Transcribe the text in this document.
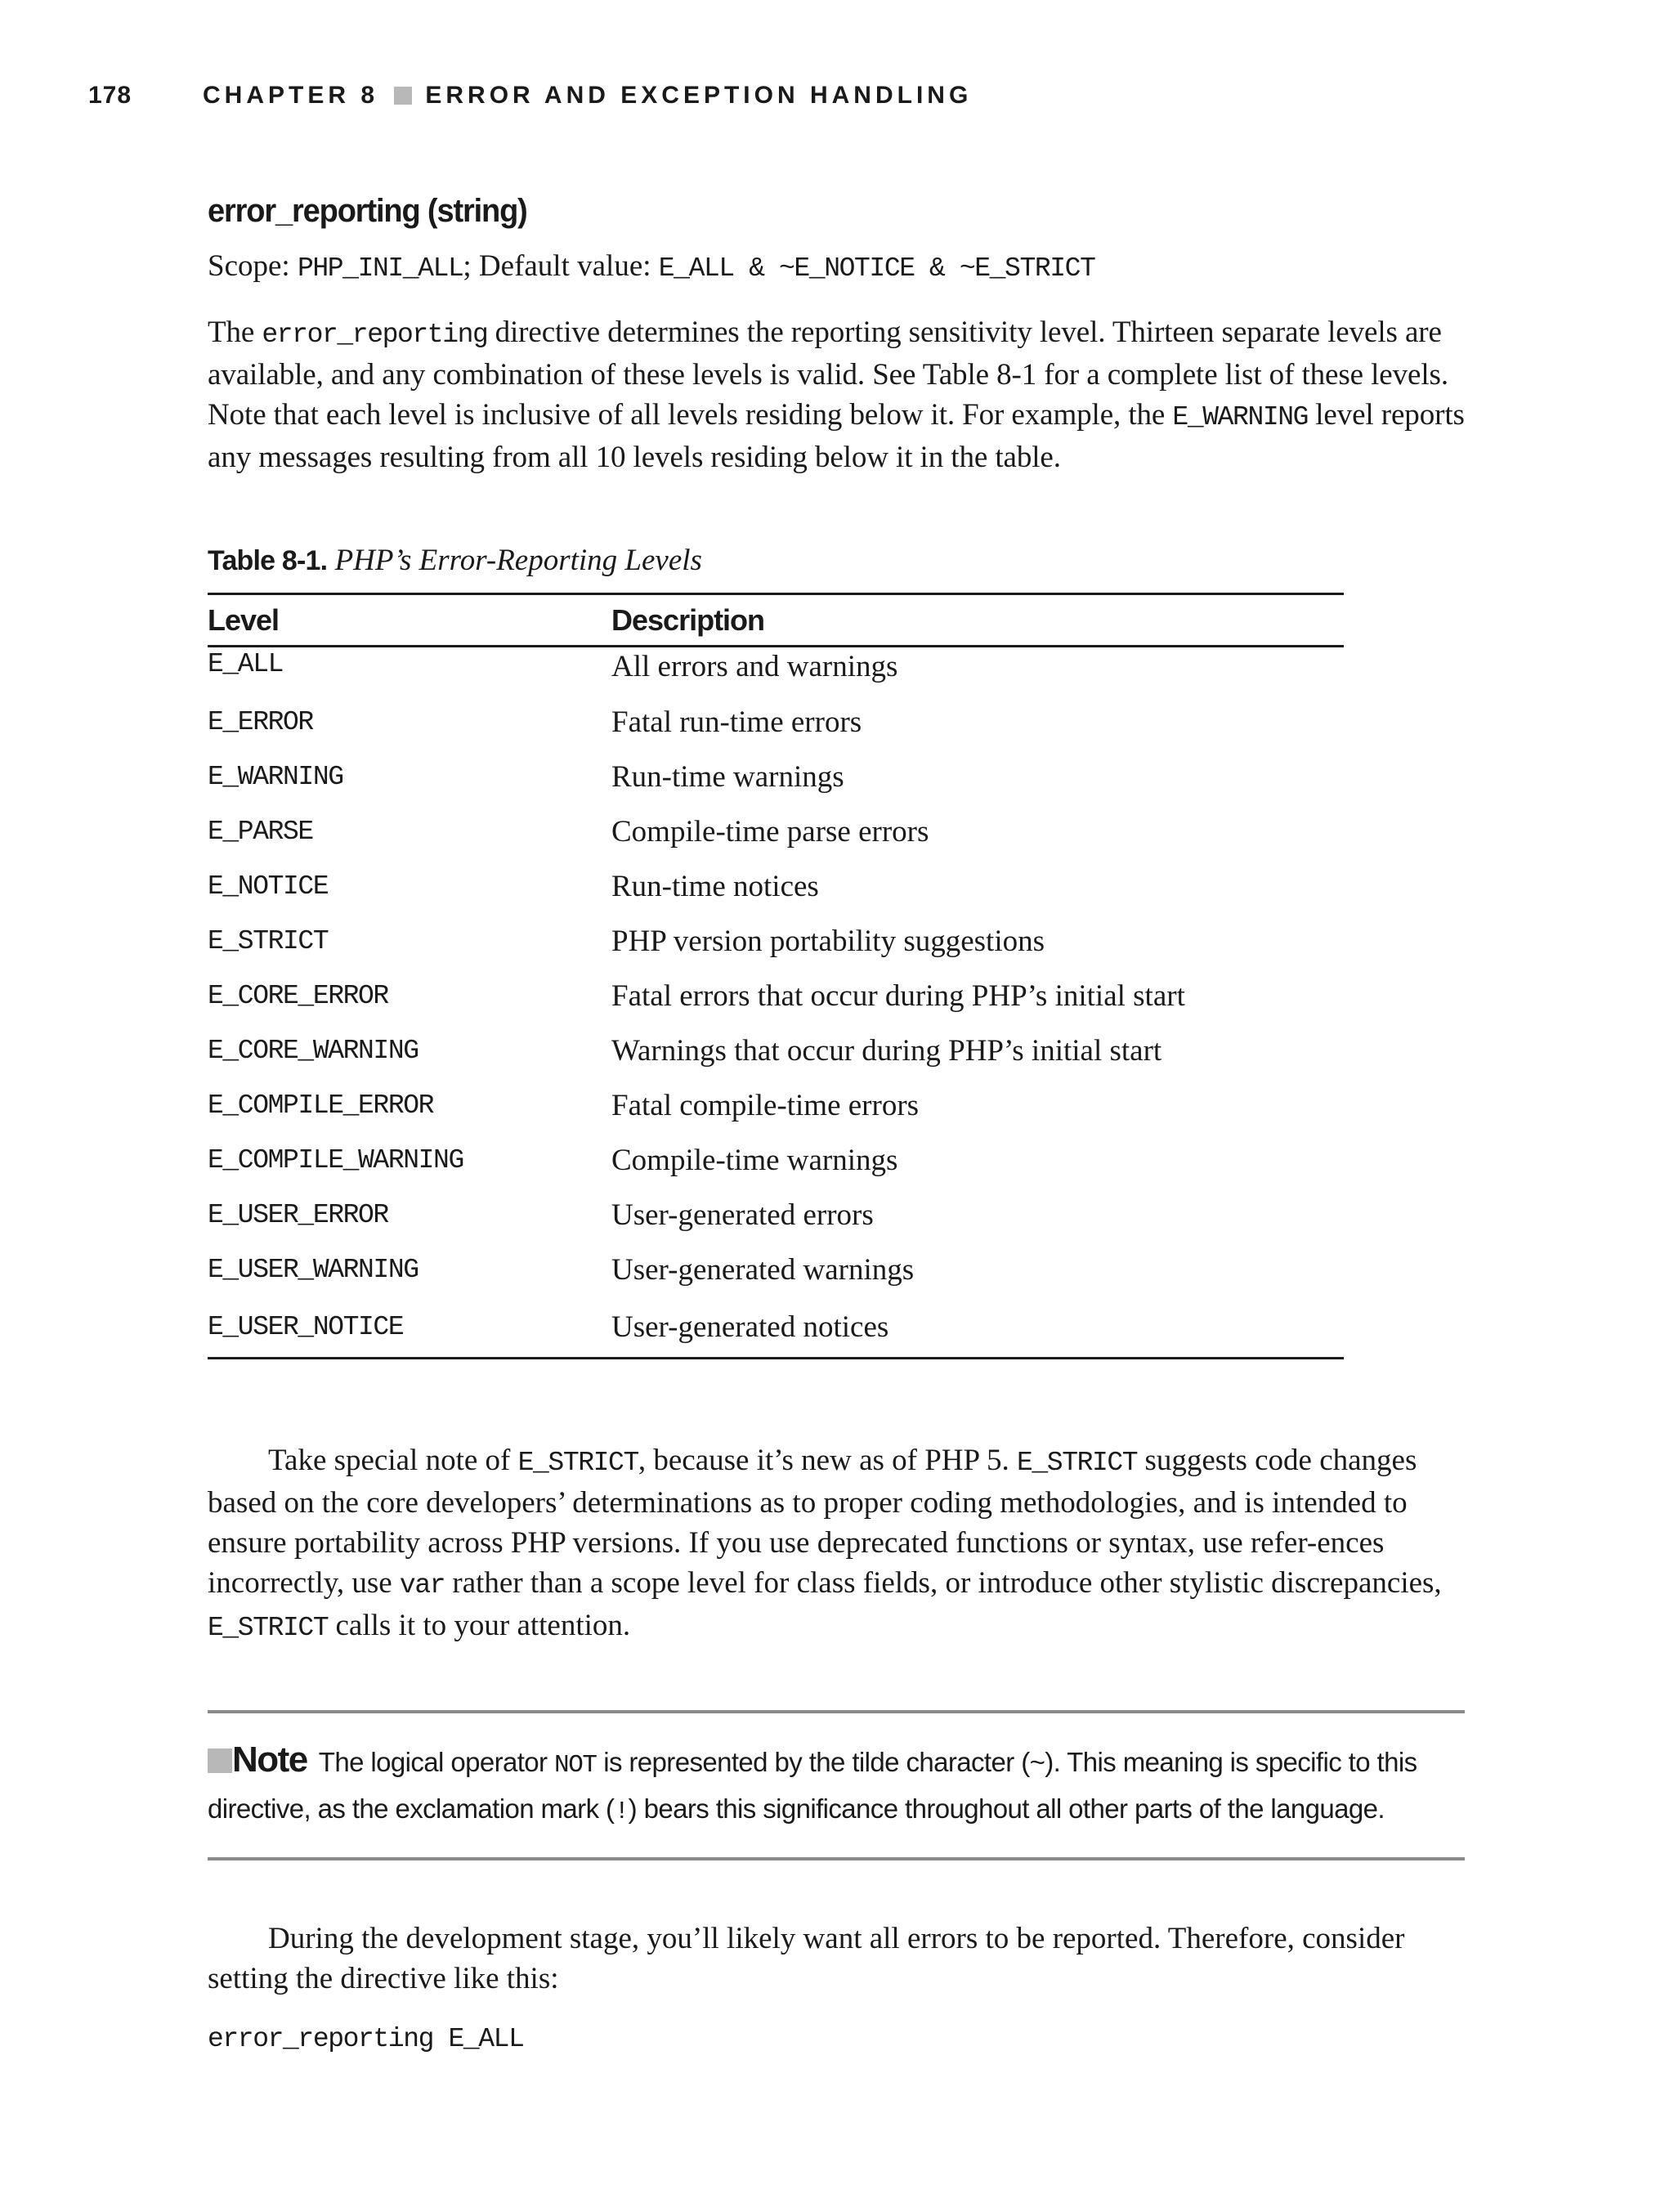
178	CHAPTER 8 ERROR AND EXCEPTION HANDLING
error_reporting (string)
Scope: PHP_INI_ALL; Default value: E_ALL & ~E_NOTICE & ~E_STRICT
The error_reporting directive determines the reporting sensitivity level. Thirteen separate levels are available, and any combination of these levels is valid. See Table 8-1 for a complete list of these levels. Note that each level is inclusive of all levels residing below it. For example, the E_WARNING level reports any messages resulting from all 10 levels residing below it in the table.
Table 8-1. PHP’s Error-Reporting Levels
Level	Description
E_ALL	All errors and warnings
E_ERROR	Fatal run-time errors
E_WARNING	Run-time warnings
E_PARSE	Compile-time parse errors
E_NOTICE	Run-time notices
E_STRICT	PHP version portability suggestions
E_CORE_ERROR	Fatal errors that occur during PHP’s initial start
E_CORE_WARNING	Warnings that occur during PHP’s initial start
E_COMPILE_ERROR	Fatal compile-time errors
E_COMPILE_WARNING	Compile-time warnings
E_USER_ERROR	User-generated errors
E_USER_WARNING	User-generated warnings
E_USER_NOTICE	User-generated notices
Take special note of E_STRICT, because it’s new as of PHP 5. E_STRICT suggests code changes based on the core developers’ determinations as to proper coding methodologies, and is intended to ensure portability across PHP versions. If you use deprecated functions or syntax, use refer-ences incorrectly, use var rather than a scope level for class fields, or introduce other stylistic discrepancies, E_STRICT calls it to your attention.
Note The logical operator NOT is represented by the tilde character (~). This meaning is specific to this directive, as the exclamation mark (!) bears this significance throughout all other parts of the language.
During the development stage, you’ll likely want all errors to be reported. Therefore, consider setting the directive like this:
error_reporting E_ALL
